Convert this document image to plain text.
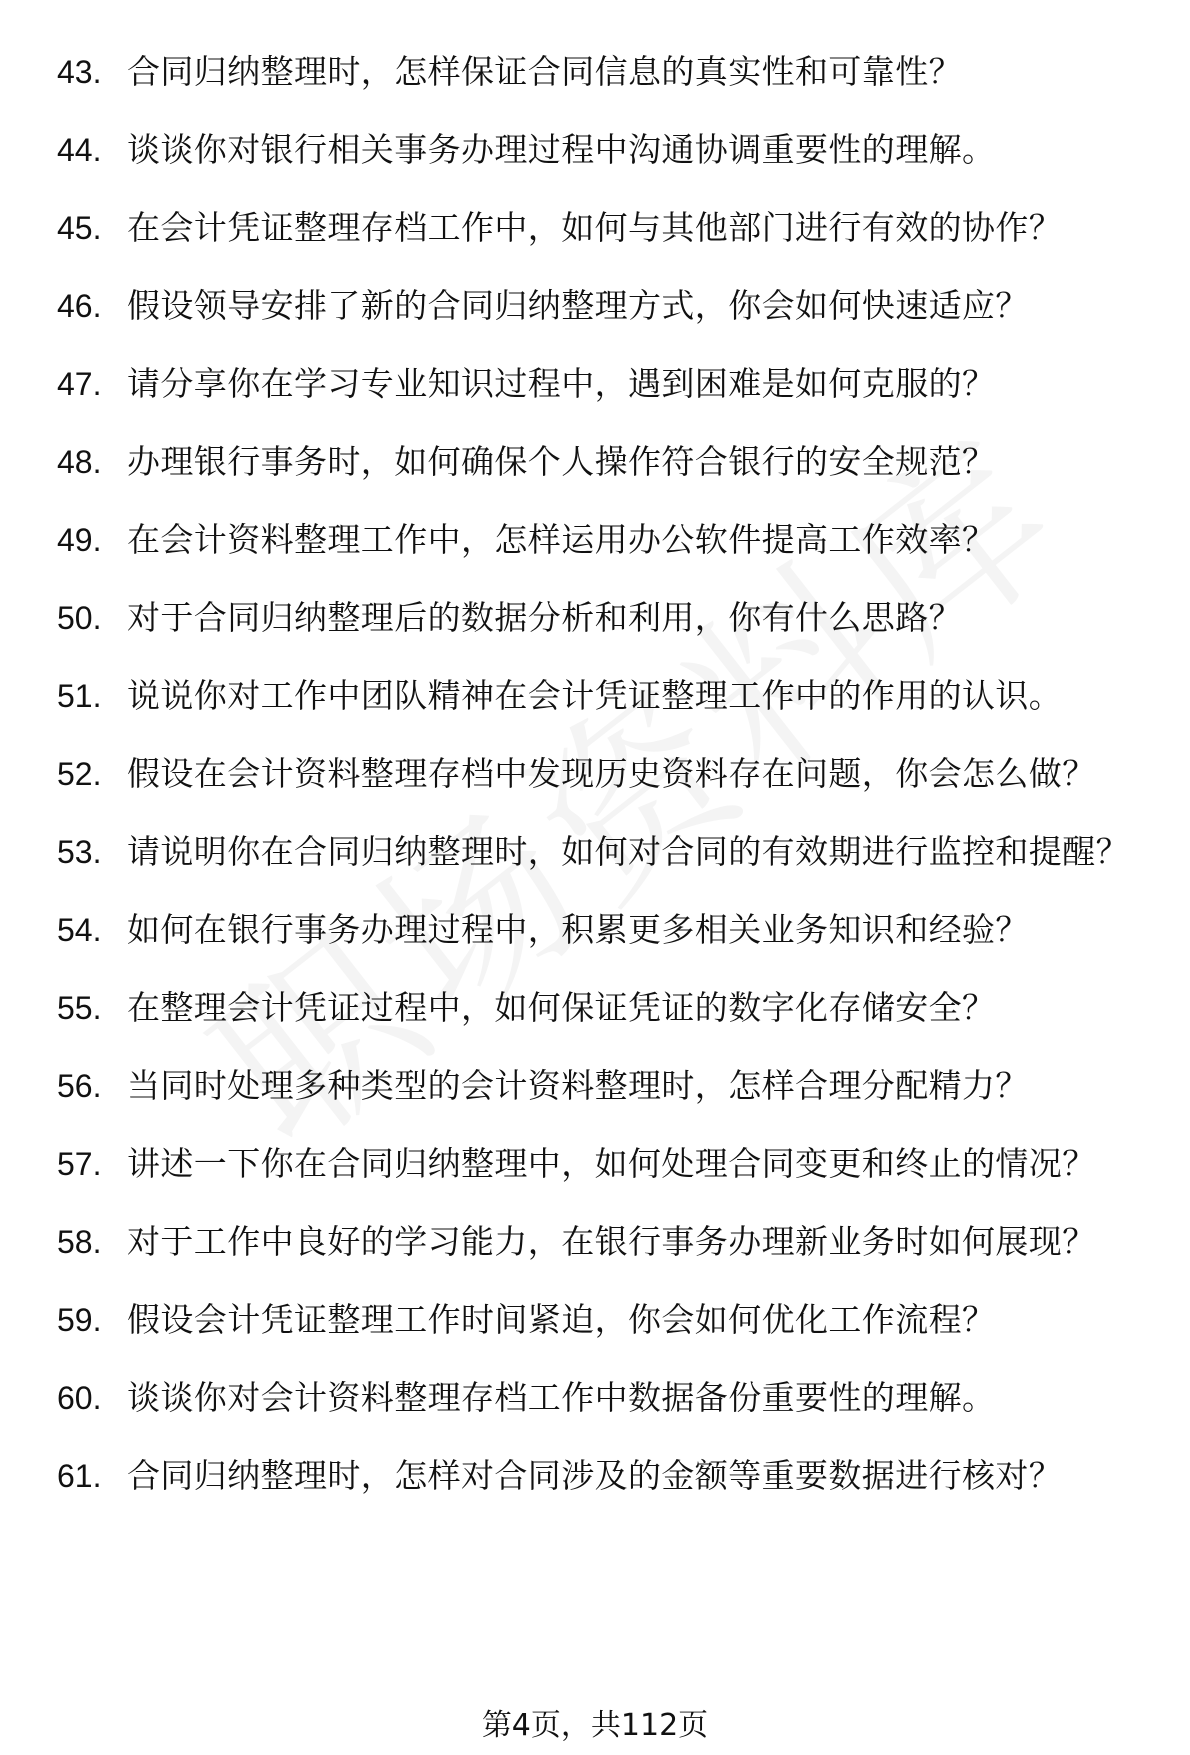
43. 合同归纳整理时，怎样保证合同信息的真实性和可靠性？
44. 谈谈你对银行相关事务办理过程中沟通协调重要性的理解。
45. 在会计凭证整理存档工作中，如何与其他部门进行有效的协作？
46. 假设领导安排了新的合同归纳整理方式，你会如何快速适应？
47. 请分享你在学习专业知识过程中，遇到困难是如何克服的？
48. 办理银行事务时，如何确保个人操作符合银行的安全规范？
49. 在会计资料整理工作中，怎样运用办公软件提高工作效率？
50. 对于合同归纳整理后的数据分析和利用，你有什么思路？
51. 说说你对工作中团队精神在会计凭证整理工作中的作用的认识。
52. 假设在会计资料整理存档中发现历史资料存在问题，你会怎么做？
53. 请说明你在合同归纳整理时，如何对合同的有效期进行监控和提醒？
54. 如何在银行事务办理过程中，积累更多相关业务知识和经验？
55. 在整理会计凭证过程中，如何保证凭证的数字化存储安全？
56. 当同时处理多种类型的会计资料整理时，怎样合理分配精力？
57. 讲述一下你在合同归纳整理中，如何处理合同变更和终止的情况？
58. 对于工作中良好的学习能力，在银行事务办理新业务时如何展现？
59. 假设会计凭证整理工作时间紧迫，你会如何优化工作流程？
60. 谈谈你对会计资料整理存档工作中数据备份重要性的理解。
61. 合同归纳整理时，怎样对合同涉及的金额等重要数据进行核对？
第4页，共112页
